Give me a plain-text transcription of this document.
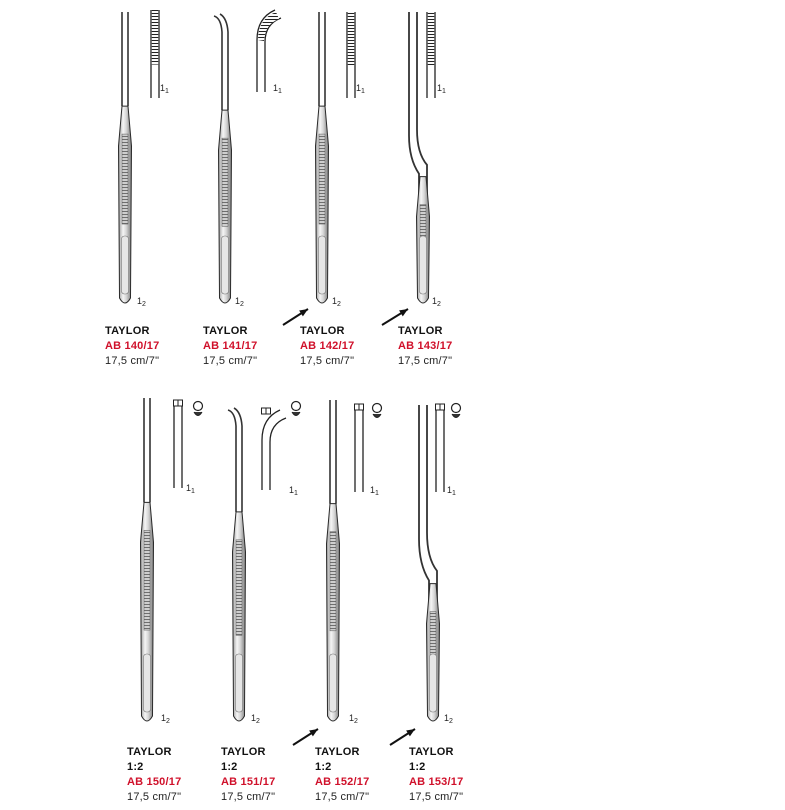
TAYLOR
AB 140/17
17,5 cm/7"
TAYLOR
AB 141/17
17,5 cm/7"
TAYLOR
AB 142/17
17,5 cm/7"
TAYLOR
AB 143/17
17,5 cm/7"
TAYLOR
1:2
AB 150/17
17,5 cm/7"
TAYLOR
1:2
AB 151/17
17,5 cm/7"
TAYLOR
1:2
AB 152/17
17,5 cm/7"
TAYLOR
1:2
AB 153/17
17,5 cm/7"
$1_1$
$1_2$
$1_1$
$1_2$
$1_1$
$1_2$
$1_1$
$1_2$
$1_1$
$1_2$
$1_1$
$1_2$
$1_1$
$1_2$
$1_1$
$1_2$
